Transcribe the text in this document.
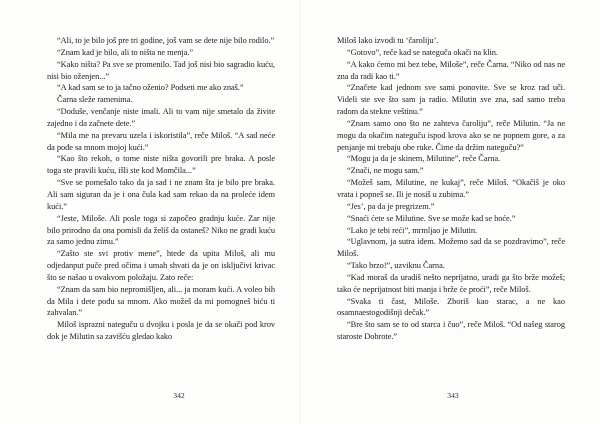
“Ali, to je bilo još pre tri godine, još vam se dete nije bilo rodilo.”

“Znam kad je bilo, ali to ništa ne menja.”

“Kako ništa? Pa sve se promenilo. Tad još nisi bio sagradio kuću, nisi bio oženjen...”

“A kad sam se to ja tačno oženio? Podseti me ako znaš.”

Čarna sleže ramenima.

“Doduše, venčanje niste imali. Ali to vam nije smetalo da živite zajedno i da začnete dete.”

“Mila me na prevaru uzela i iskoristila”, reče Miloš. “A sad neće da pođe sa mnom mojoj kući.”

“Kao što rekoh, o tome niste ništa govorili pre braka. A posle toga ste pravili kuću, išli ste kod Momčila...”

“Sve se pomešalo tako da ja sad i ne znam šta je bilo pre braka. Ali sam siguran da je i ona čula kad sam rekao da na proleće idem kući.”

“Jeste, Miloše. Ali posle toga si započeo gradnju kuće. Zar nije bilo prirodno da ona pomisli da želiš da ostaneš? Niko ne gradi kuću za samo jednu zimu.”

“Zašto ste svi protiv mene”, htede da upita Miloš, ali mu odjedanput puče pred očima i umah shvati da je on isključivi krivac što se našao u ovakvom položaju. Zato reče:

“Znam da sam bio nepromišljen, ali... ja moram kući. A voleo bih da Mila i dete pođu sa mnom. Ako možeš da mi pomogneš biću ti zahvalan.”

Miloš isprazni nateguču u dvojku i posla je da se okači pod krov dok je Milutin sa zavišću gledao kako

Miloš lako izvodi tu ‘čaroliju’.

“Gotovo”, reče kad se nateguča okači na klin.

“A kako ćemo mi bez tebe, Miloše”, reče Čarna. “Niko od nas ne zna da radi kao ti.”

“Značete kad jednom sve sami ponovite. Sve se kroz rad uči. Videli ste sve što sam ja radio. Milutin sve zna, sad samo treba radom da stekne veštinu.”

“Znam samo ono što ne zahteva čaroliju”, reče Milutin. “Ja ne mogu da okačim nateguču ispod krova ako se ne popnem gore, a za penjanje mi trebaju obe ruke. Čime da držim nateguču?”

“Mogu ja da je skinem, Milutine”, reče Čarna.

“Znači, ne mogu sam.”

“Možeš sam, Milutine, ne kukaj”, reče Miloš. “Okačiš je oko vrata i popneš se. Ili je nosiš u zubima.”

“Jes’, pa da je pregrizem.”

“Snaći ćete se Milutine. Sve se može kad se hoće.”

“Lako je tebi reći”, mrmljao je Milutin.

“Uglavnom, ja sutra idem. Možemo sad da se pozdravimo”, reče Miloš.

“Tako brzo!”, uzviknu Čarna.

“Kad moraš da uradiš nešto neprijatno, uradi ga što brže možeš; tako će neprijatnost biti manja i brže će proći”, reče Miloš.

“Svaka ti čast, Miloše. Zboriš kao starac, a ne kao osamnaestogodišnji dečak.”

“Bre što sam se to od starca i čuo”, reče Miloš. “Od našeg starog staroste Dobrote.”

342	343
